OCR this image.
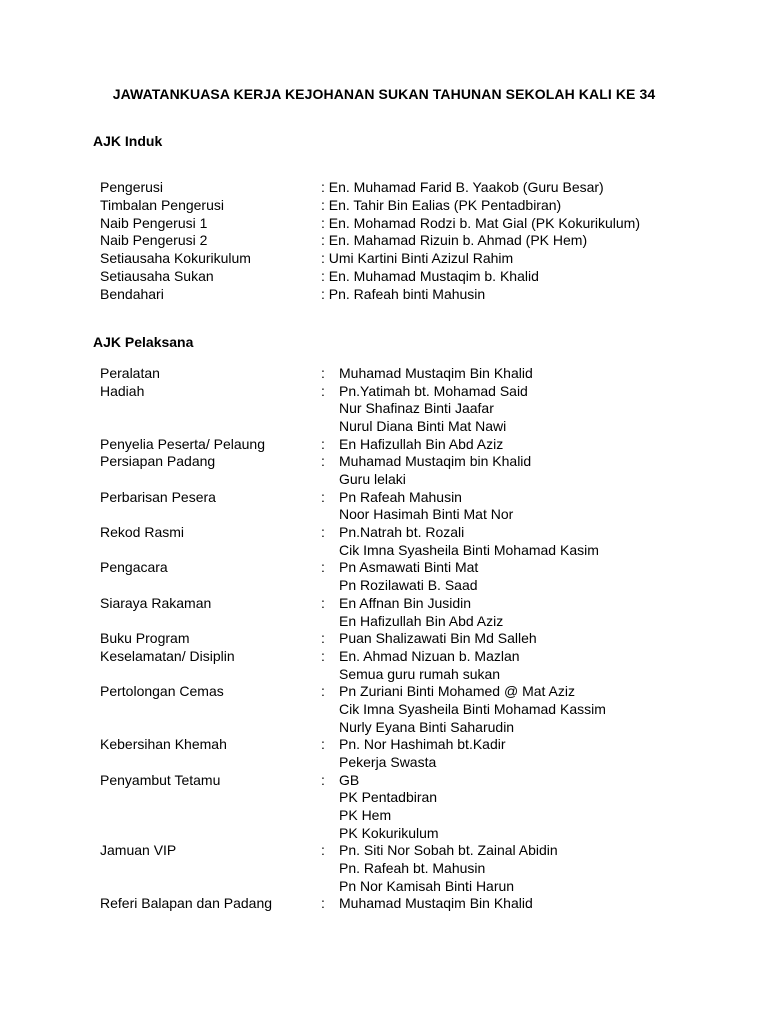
JAWATANKUASA KERJA KEJOHANAN SUKAN TAHUNAN SEKOLAH KALI KE 34
AJK Induk
Pengerusi	: En. Muhamad Farid B. Yaakob (Guru Besar)
Timbalan Pengerusi	: En. Tahir Bin Ealias (PK Pentadbiran)
Naib Pengerusi 1	: En. Mohamad Rodzi b. Mat Gial (PK Kokurikulum)
Naib Pengerusi 2	: En. Mahamad Rizuin b. Ahmad (PK Hem)
Setiausaha Kokurikulum	: Umi Kartini Binti Azizul Rahim
Setiausaha Sukan	: En. Muhamad Mustaqim b. Khalid
Bendahari	: Pn. Rafeah binti Mahusin
AJK Pelaksana
Peralatan	: Muhamad Mustaqim Bin Khalid
Hadiah	: Pn.Yatimah bt. Mohamad Said
Nur Shafinaz Binti Jaafar
Nurul Diana Binti Mat Nawi
Penyelia Peserta/ Pelaung	: En Hafizullah Bin Abd Aziz
Persiapan Padang	: Muhamad Mustaqim bin Khalid
Guru lelaki
Perbarisan Pesera	: Pn Rafeah Mahusin
Noor Hasimah Binti Mat Nor
Rekod Rasmi	: Pn.Natrah bt. Rozali
Cik Imna Syasheila Binti Mohamad Kasim
Pengacara	: Pn Asmawati Binti Mat
Pn Rozilawati B. Saad
Siaraya Rakaman	: En Affnan Bin Jusidin
En Hafizullah Bin Abd Aziz
Buku Program	: Puan Shalizawati Bin Md Salleh
Keselamatan/ Disiplin	: En. Ahmad Nizuan b. Mazlan
Semua guru rumah sukan
Pertolongan Cemas	: Pn Zuriani Binti Mohamed @ Mat Aziz
Cik Imna Syasheila Binti Mohamad Kassim
Nurly Eyana Binti Saharudin
Kebersihan Khemah	: Pn. Nor Hashimah bt.Kadir
Pekerja Swasta
Penyambut Tetamu	: GB
PK Pentadbiran
PK Hem
PK Kokurikulum
Jamuan VIP	: Pn. Siti Nor Sobah bt. Zainal Abidin
Pn. Rafeah bt. Mahusin
Pn Nor Kamisah Binti Harun
Referi Balapan dan Padang	: Muhamad Mustaqim Bin Khalid
